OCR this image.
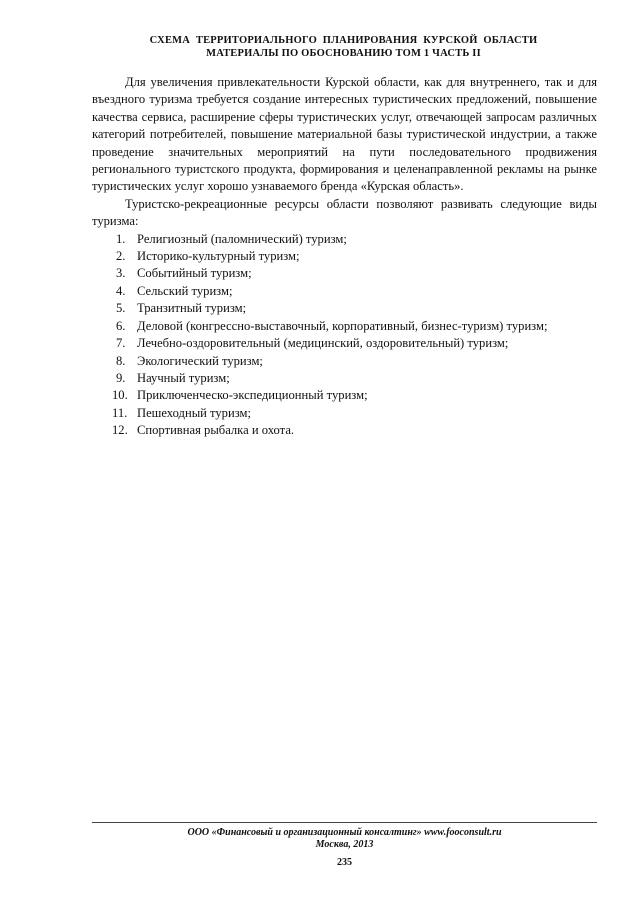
СХЕМА ТЕРРИТОРИАЛЬНОГО ПЛАНИРОВАНИЯ КУРСКОЙ ОБЛАСТИ
МАТЕРИАЛЫ ПО ОБОСНОВАНИЮ ТОМ 1 ЧАСТЬ II

Для увеличения привлекательности Курской области, как для внутреннего, так и для въездного туризма требуется создание интересных туристических предложений, повышение качества сервиса, расширение сферы туристических услуг, отвечающей запросам различных категорий потребителей, повышение материальной базы туристической индустрии, а также проведение значительных мероприятий на пути последовательного продвижения регионального туристского продукта, формирования и целенаправленной рекламы на рынке туристических услуг хорошо узнаваемого бренда «Курская область».

Туристско-рекреационные ресурсы области позволяют развивать следующие виды туризма:

1. Религиозный (паломнический) туризм;
2. Историко-культурный туризм;
3. Событийный туризм;
4. Сельский туризм;
5. Транзитный туризм;
6. Деловой (конгрессно-выставочный, корпоративный, бизнес-туризм) туризм;
7. Лечебно-оздоровительный (медицинский, оздоровительный) туризм;
8. Экологический туризм;
9. Научный туризм;
10. Приключенческо-экспедиционный туризм;
11. Пешеходный туризм;
12. Спортивная рыбалка и охота.
ООО «Финансовый и организационный консалтинг» www.fooconsult.ru
Москва, 2013
235
